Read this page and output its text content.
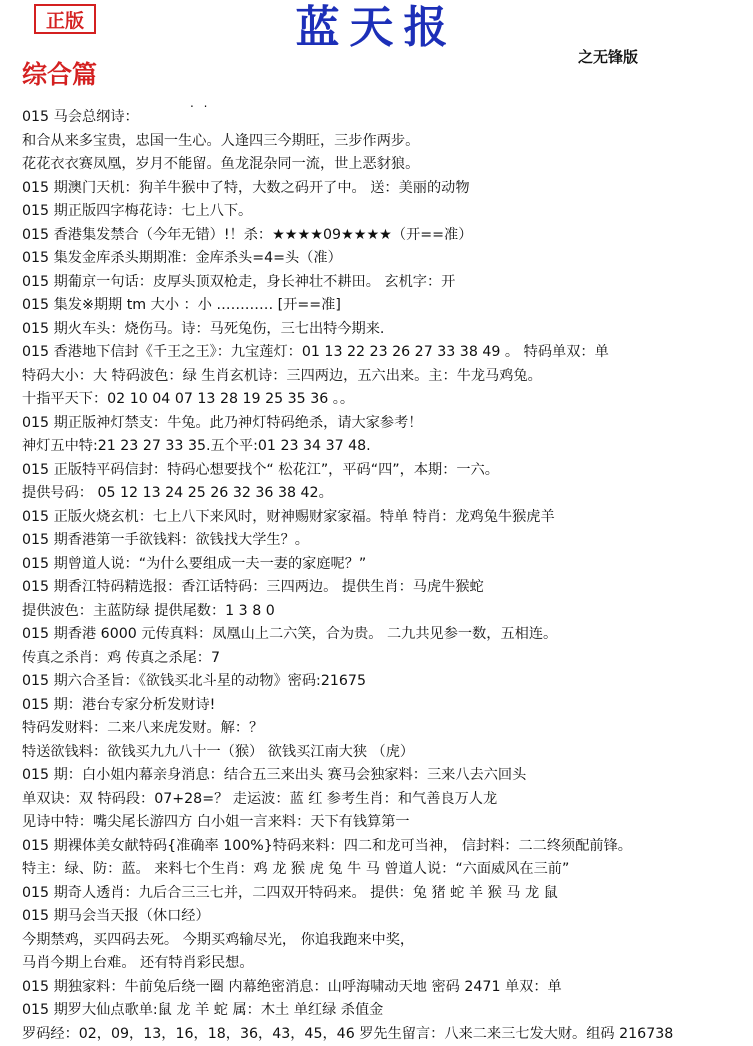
正版	蓝天报
之无锋版
综合篇
. .
015 马会总纲诗：
和合从来多宝贵，忠国一生心。人逢四三今期旺，三步作两步。
花花衣衣赛凤凰，岁月不能留。鱼龙混杂同一流，世上恶豺狼。
015 期澳门天机：狗羊牛猴中了特，大数之码开了中。 送：美丽的动物
015 期正版四字梅花诗：七上八下。
015 香港集发禁合（今年无错）!！杀：★★★★09★★★★（开==准）
015 集发金库杀头期期准：金库杀头=4=头（准）
015 期葡京一句话：皮厚头顶双枪走，身长神壮不耕田。 玄机字：开
015 集发※期期 tm 大小 ：小 ………… [开==准]
015 期火车头：烧伤马。诗：马死兔伤，三七出特今期来.
015 香港地下信封《千王之王》：九宝莲灯：01 13 22 23 26 27 33 38 49 。 特码单双：单
特码大小：大 特码波色：绿 生肖玄机诗：三四两边，五六出来。主：牛龙马鸡兔。
十指平天下：02 10 04 07 13 28 19 25 35 36 。。
015 期正版神灯禁支：牛兔。此乃神灯特码绝杀，请大家参考！
神灯五中特:21 23 27 33 35.五个平:01 23 34 37 48.
015 正版特平码信封：特码心想要找个“ 松花江”，平码“四”，本期：一六。
提供号码： 05 12 13 24 25 26 32 36 38 42。
015 正版火烧玄机：七上八下来风时，财神赐财家家福。特单 特肖：龙鸡兔牛猴虎羊
015 期香港第一手欲钱料：欲钱找大学生？。
015 期曾道人说：“为什么要组成一夫一妻的家庭呢？”
015 期香江特码精选报：香江话特码：三四两边。 提供生肖：马虎牛猴蛇
提供波色：主蓝防绿 提供尾数：1 3 8 0
015 期香港 6000 元传真料：凤凰山上二六笑，合为贵。 二九共见参一数，五相连。
传真之杀肖：鸡 传真之杀尾：7
015 期六合圣旨：《欲钱买北斗星的动物》密码:21675
015 期：港台专家分析发财诗!
特码发财料：二来八来虎发财。解：？
特送欲钱料：欲钱买九九八十一（猴） 欲钱买江南大狭 （虎）
015 期：白小姐内幕亲身消息：结合五三来出头 赛马会独家料：三来八去六回头
单双诀：双 特码段：07+28=？ 走运波：蓝 红 参考生肖：和气善良万人龙
见诗中特：嘴尖尾长游四方 白小姐一言来料：天下有钱算第一
015 期裸体美女献特码{准确率 100%}特码来料：四二和龙可当神， 信封料：二二终须配前锋。
特主：绿、防：蓝。 来料七个生肖：鸡 龙 猴 虎 兔 牛 马 曾道人说：“六面威风在三前”
015 期奇人透肖：九后合三三七并，二四双开特码来。 提供：兔 猪 蛇 羊 猴 马 龙 鼠
015 期马会当天报（休口经）
今期禁鸡，买四码去死。 今期买鸡输尽光， 你追我跑来中奖，
马肖今期上台难。 还有特肖彩民想。
015 期独家料：牛前兔后绕一圈 内幕绝密消息：山呼海啸动天地 密码 2471 单双：单
015 期罗大仙点歌单:鼠 龙 羊 蛇 属：木土 单红绿 杀值金
罗码经：02，09，13，16，18，36，43，45，46 罗先生留言：八来二来三七发大财。组码 216738
